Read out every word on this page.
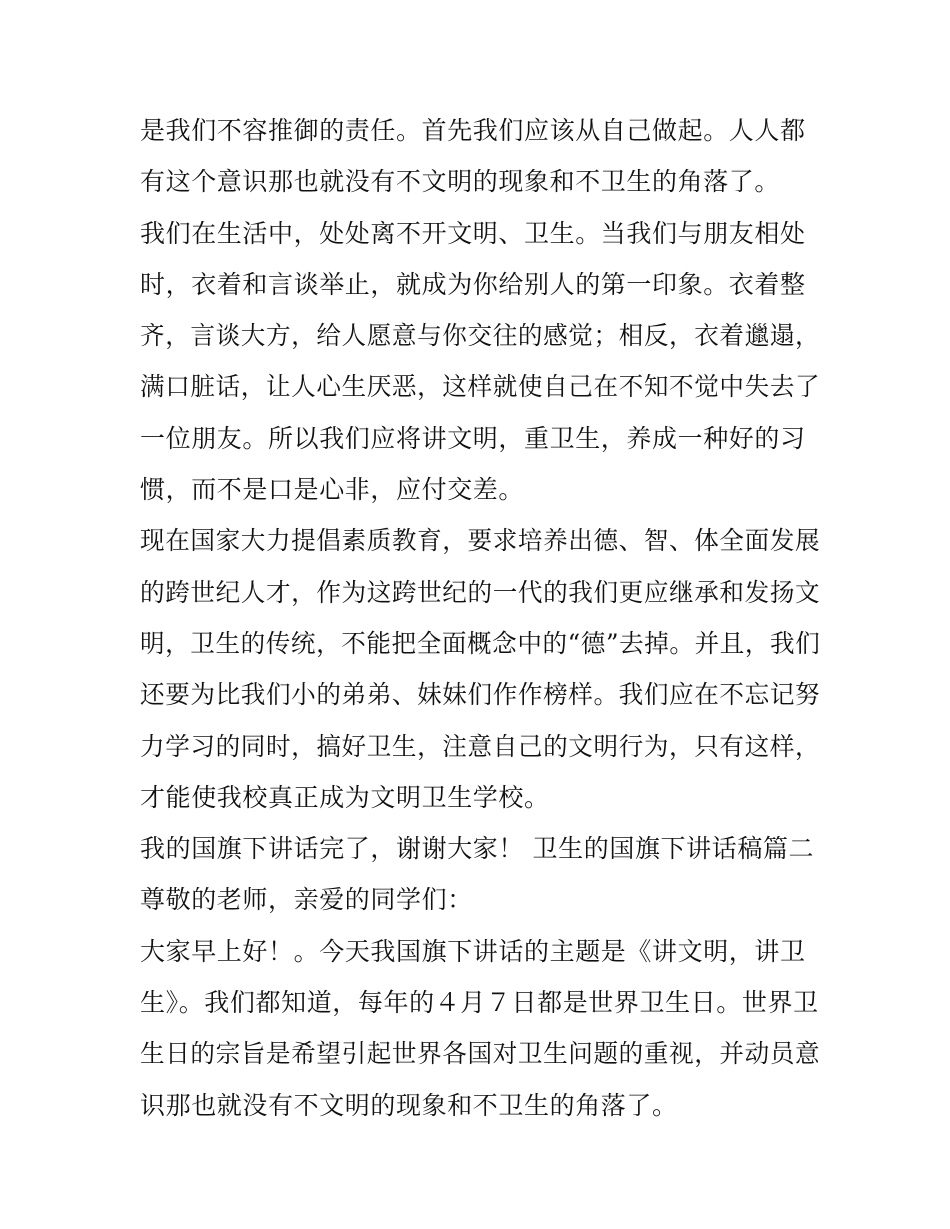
是我们不容推御的责任。首先我们应该从自己做起。人人都
有这个意识那也就没有不文明的现象和不卫生的角落了。
我们在生活中，处处离不开文明、卫生。当我们与朋友相处
时，衣着和言谈举止，就成为你给别人的第一印象。衣着整
齐，言谈大方，给人愿意与你交往的感觉；相反，衣着邋遢，
满口脏话，让人心生厌恶，这样就使自己在不知不觉中失去了
一位朋友。所以我们应将讲文明，重卫生，养成一种好的习
惯，而不是口是心非，应付交差。
现在国家大力提倡素质教育，要求培养出德、智、体全面发展
的跨世纪人才，作为这跨世纪的一代的我们更应继承和发扬文
明，卫生的传统，不能把全面概念中的“德”去掉。并且，我们
还要为比我们小的弟弟、妹妹们作作榜样。我们应在不忘记努
力学习的同时，搞好卫生，注意自己的文明行为，只有这样，
才能使我校真正成为文明卫生学校。
我的国旗下讲话完了，谢谢大家！ 卫生的国旗下讲话稿篇二
尊敬的老师，亲爱的同学们：
大家早上好！。今天我国旗下讲话的主题是《讲文明，讲卫
生》。我们都知道，每年的４月７日都是世界卫生日。世界卫
生日的宗旨是希望引起世界各国对卫生问题的重视，并动员意
识那也就没有不文明的现象和不卫生的角落了。
